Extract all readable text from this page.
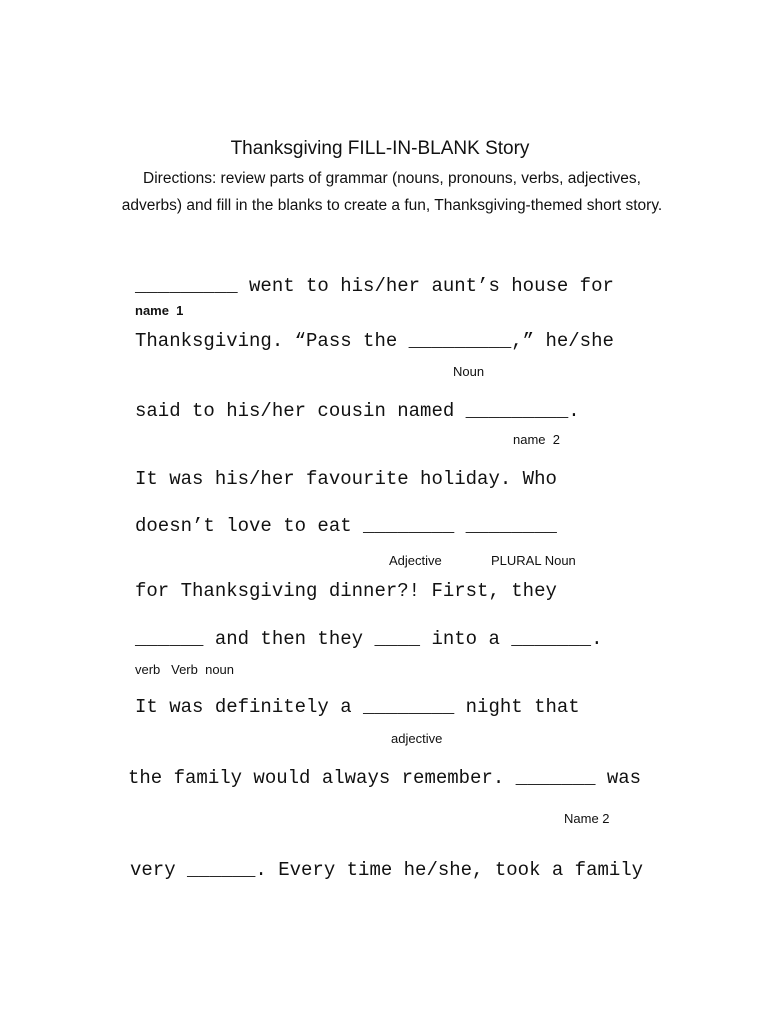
Thanksgiving FILL-IN-BLANK Story

Directions: review parts of grammar (nouns, pronouns, verbs, adjectives, adverbs) and fill in the blanks to create a fun, Thanksgiving-themed short story.

_________ went to his/her aunt’s house for
name  1
Thanksgiving. “Pass the _________,” he/she
Noun
said to his/her cousin named _________.
name  2
It was his/her favourite holiday. Who
doesn’t love to eat ________ ________
Adjective	PLURAL Noun
for Thanksgiving dinner?! First, they
______ and then they ____ into a _______.
verb   Verb  noun
It was definitely a ________ night that
adjective
the family would always remember. _______ was
Name 2
very ______. Every time he/she, took a family
